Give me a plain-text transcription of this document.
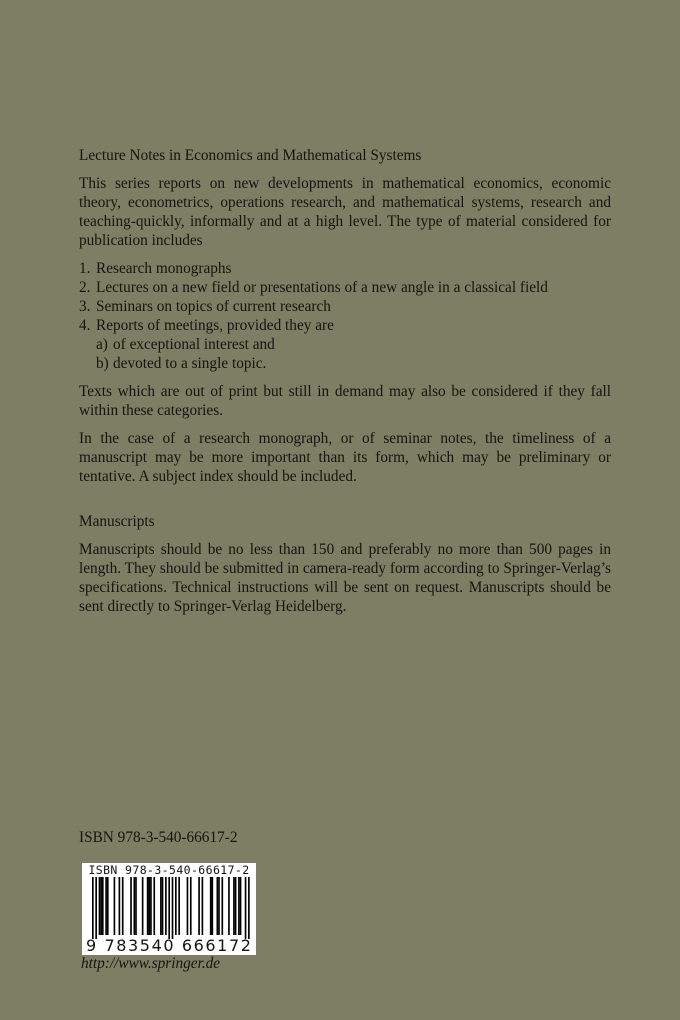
Lecture Notes in Economics and Mathematical Systems

This series reports on new developments in mathematical economics, economic theory, econometrics, operations research, and mathematical systems, research and teaching-quickly, informally and at a high level. The type of material considered for publication includes

1. Research monographs
2. Lectures on a new field or presentations of a new angle in a classical field
3. Seminars on topics of current research
4. Reports of meetings, provided they are
a) of exceptional interest and
b) devoted to a single topic.

Texts which are out of print but still in demand may also be considered if they fall within these categories.

In the case of a research monograph, or of seminar notes, the timeliness of a manuscript may be more important than its form, which may be preliminary or tentative. A subject index should be included.

Manuscripts

Manuscripts should be no less than 150 and preferably no more than 500 pages in length. They should be submitted in camera-ready form according to Springer-Verlag’s specifications. Technical instructions will be sent on request. Manuscripts should be sent directly to Springer-Verlag Heidelberg.

ISBN 978-3-540-66617-2
ISBN 978-3-540-66617-2
9 783540 666172
http://www.springer.de
